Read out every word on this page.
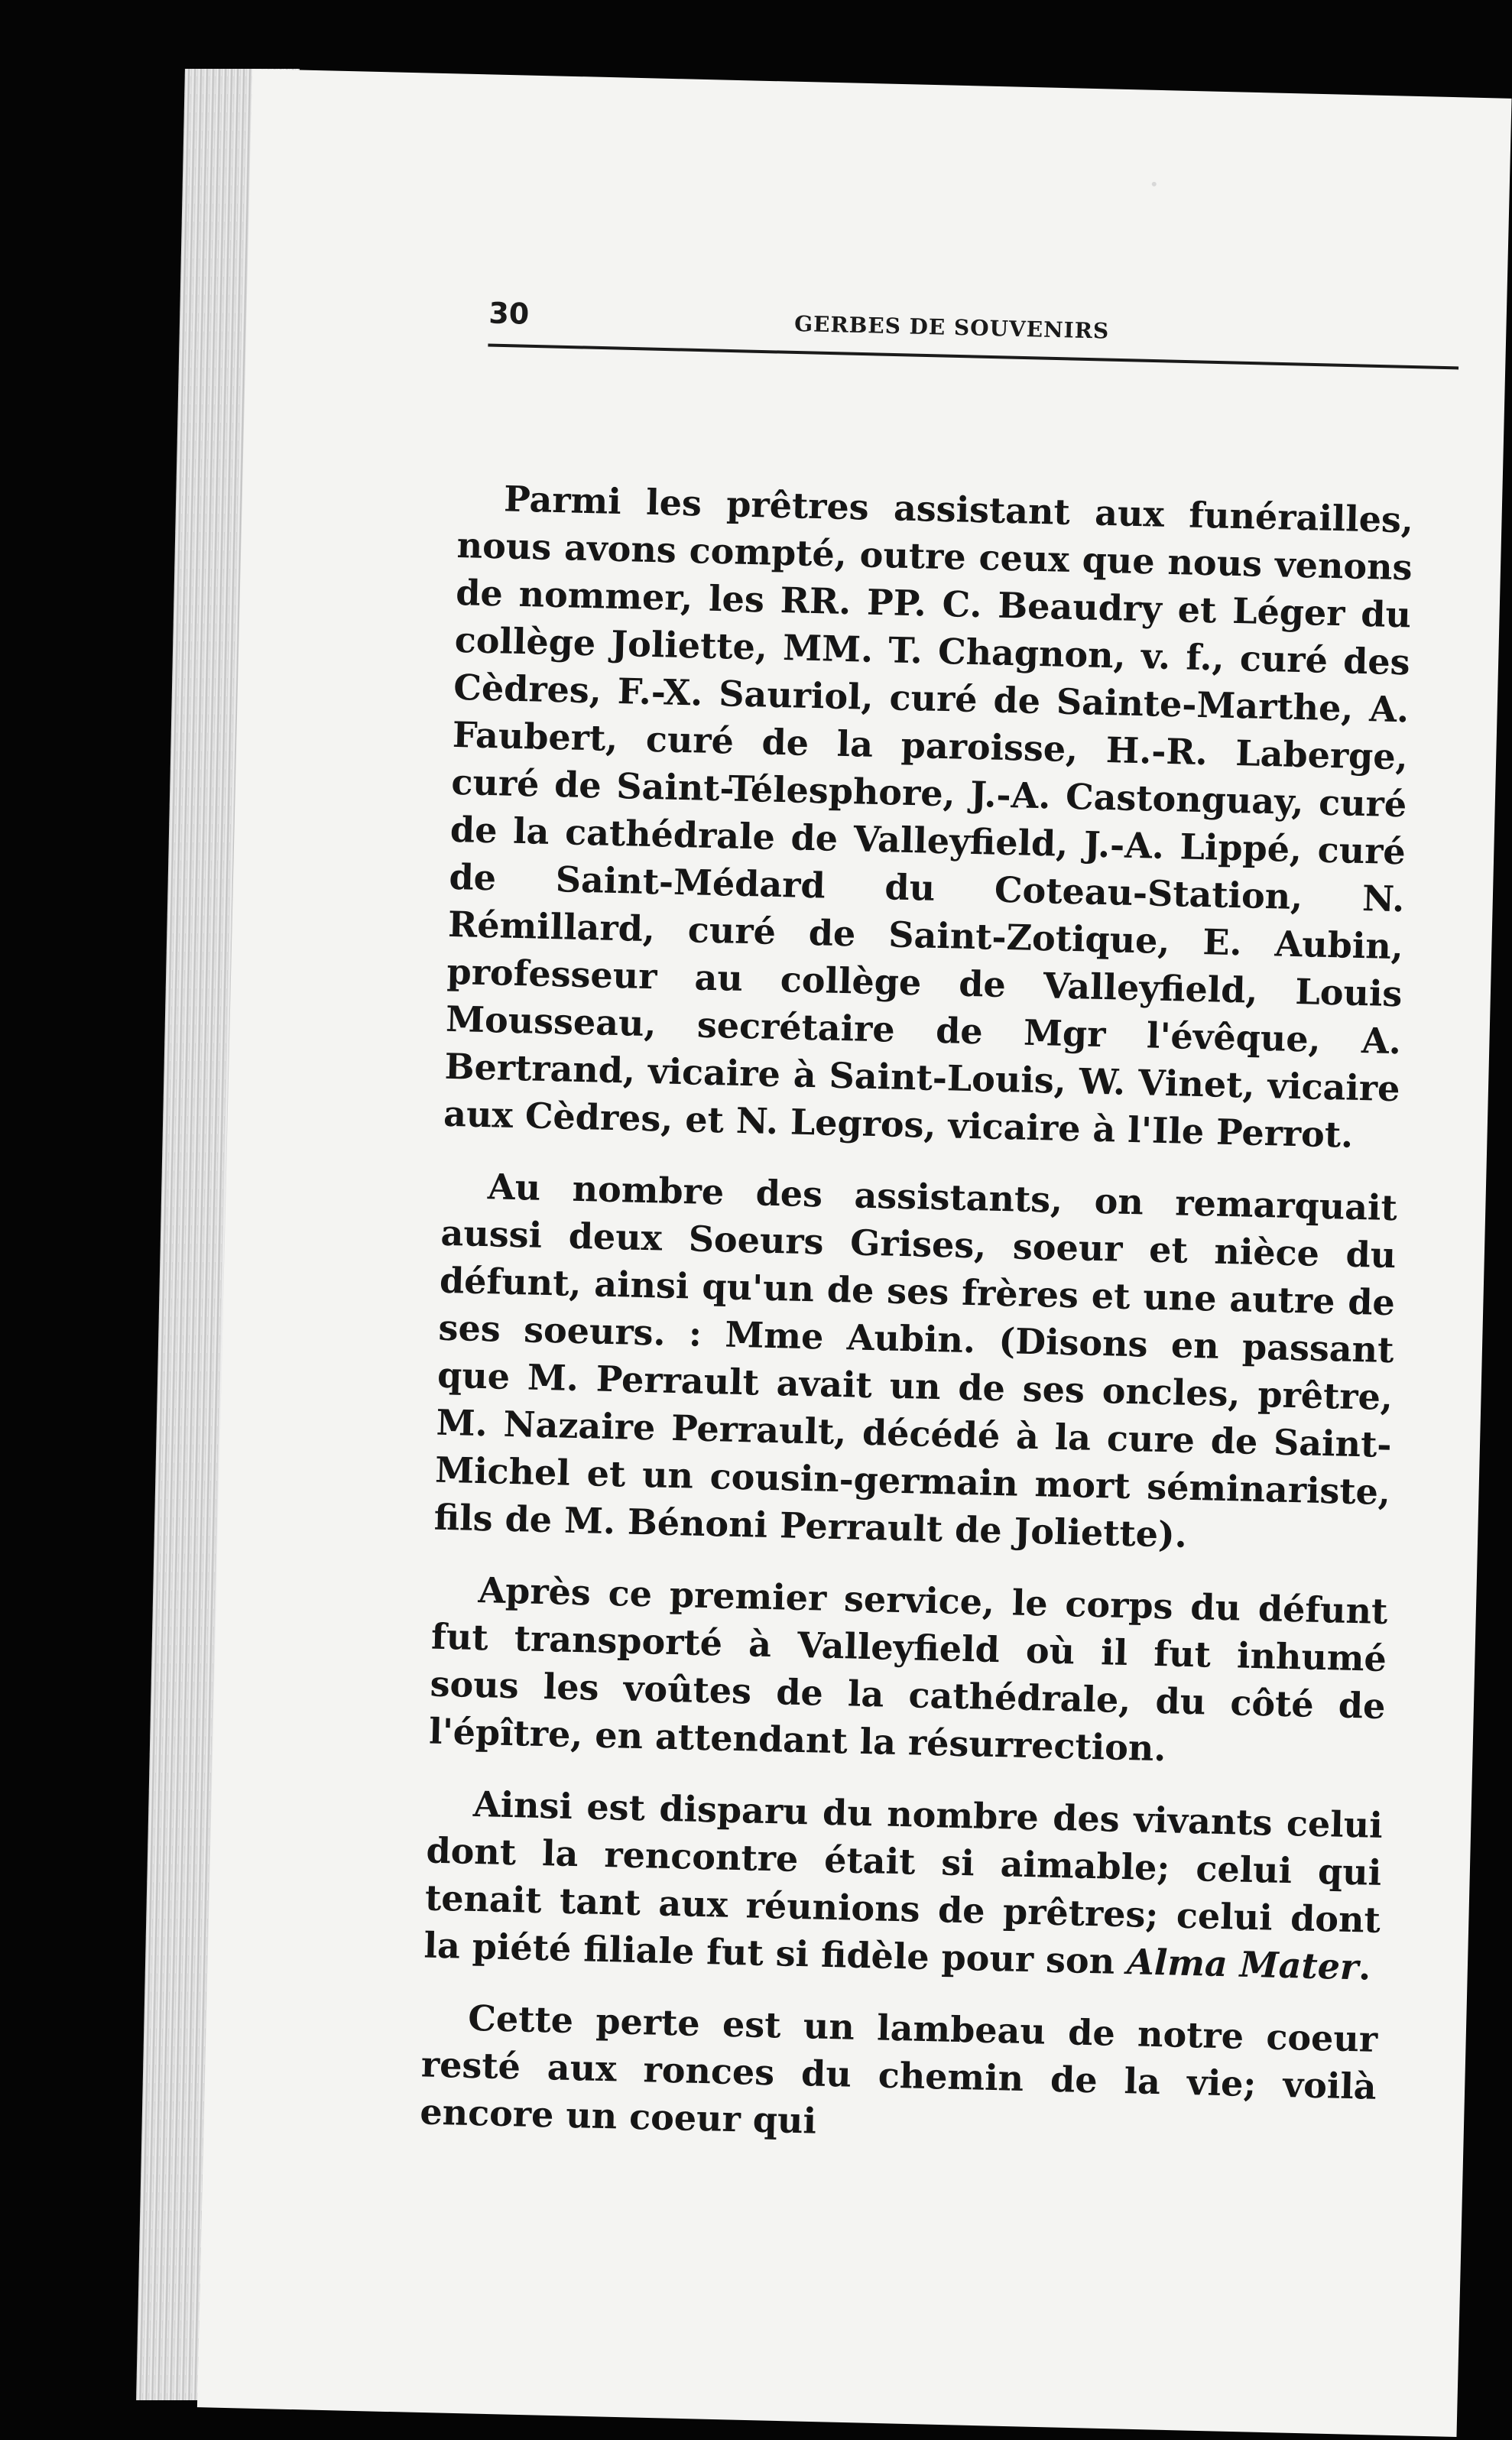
30	GERBES DE SOUVENIRS

Parmi les prêtres assistant aux funérailles, nous avons compté, outre ceux que nous venons de nommer, les RR. PP. C. Beaudry et Léger du collège Joliette, MM. T. Chagnon, v. f., curé des Cèdres, F.-X. Sauriol, curé de Sainte-Marthe, A. Faubert, curé de la paroisse, H.-R. Laberge, curé de Saint-Télesphore, J.-A. Castonguay, curé de la cathédrale de Valleyfield, J.-A. Lippé, curé de Saint-Médard du Coteau-Station, N. Rémillard, curé de Saint-Zotique, E. Aubin, professeur au collège de Valleyfield, Louis Mousseau, secrétaire de Mgr l'évêque, A. Bertrand, vicaire à Saint-Louis, W. Vinet, vicaire aux Cèdres, et N. Legros, vicaire à l'Ile Perrot.

Au nombre des assistants, on remarquait aussi deux Soeurs Grises, soeur et nièce du défunt, ainsi qu'un de ses frères et une autre de ses soeurs. : Mme Aubin. (Disons en passant que M. Perrault avait un de ses oncles, prêtre, M. Nazaire Perrault, décédé à la cure de Saint-Michel et un cousin-germain mort séminariste, fils de M. Bénoni Perrault de Joliette).

Après ce premier service, le corps du défunt fut transporté à Valleyfield où il fut inhumé sous les voûtes de la cathédrale, du côté de l'épître, en attendant la résurrection.

Ainsi est disparu du nombre des vivants celui dont la rencontre était si aimable; celui qui tenait tant aux réunions de prêtres; celui dont la piété filiale fut si fidèle pour son Alma Mater.

Cette perte est un lambeau de notre coeur resté aux ronces du chemin de la vie; voilà encore un coeur qui
